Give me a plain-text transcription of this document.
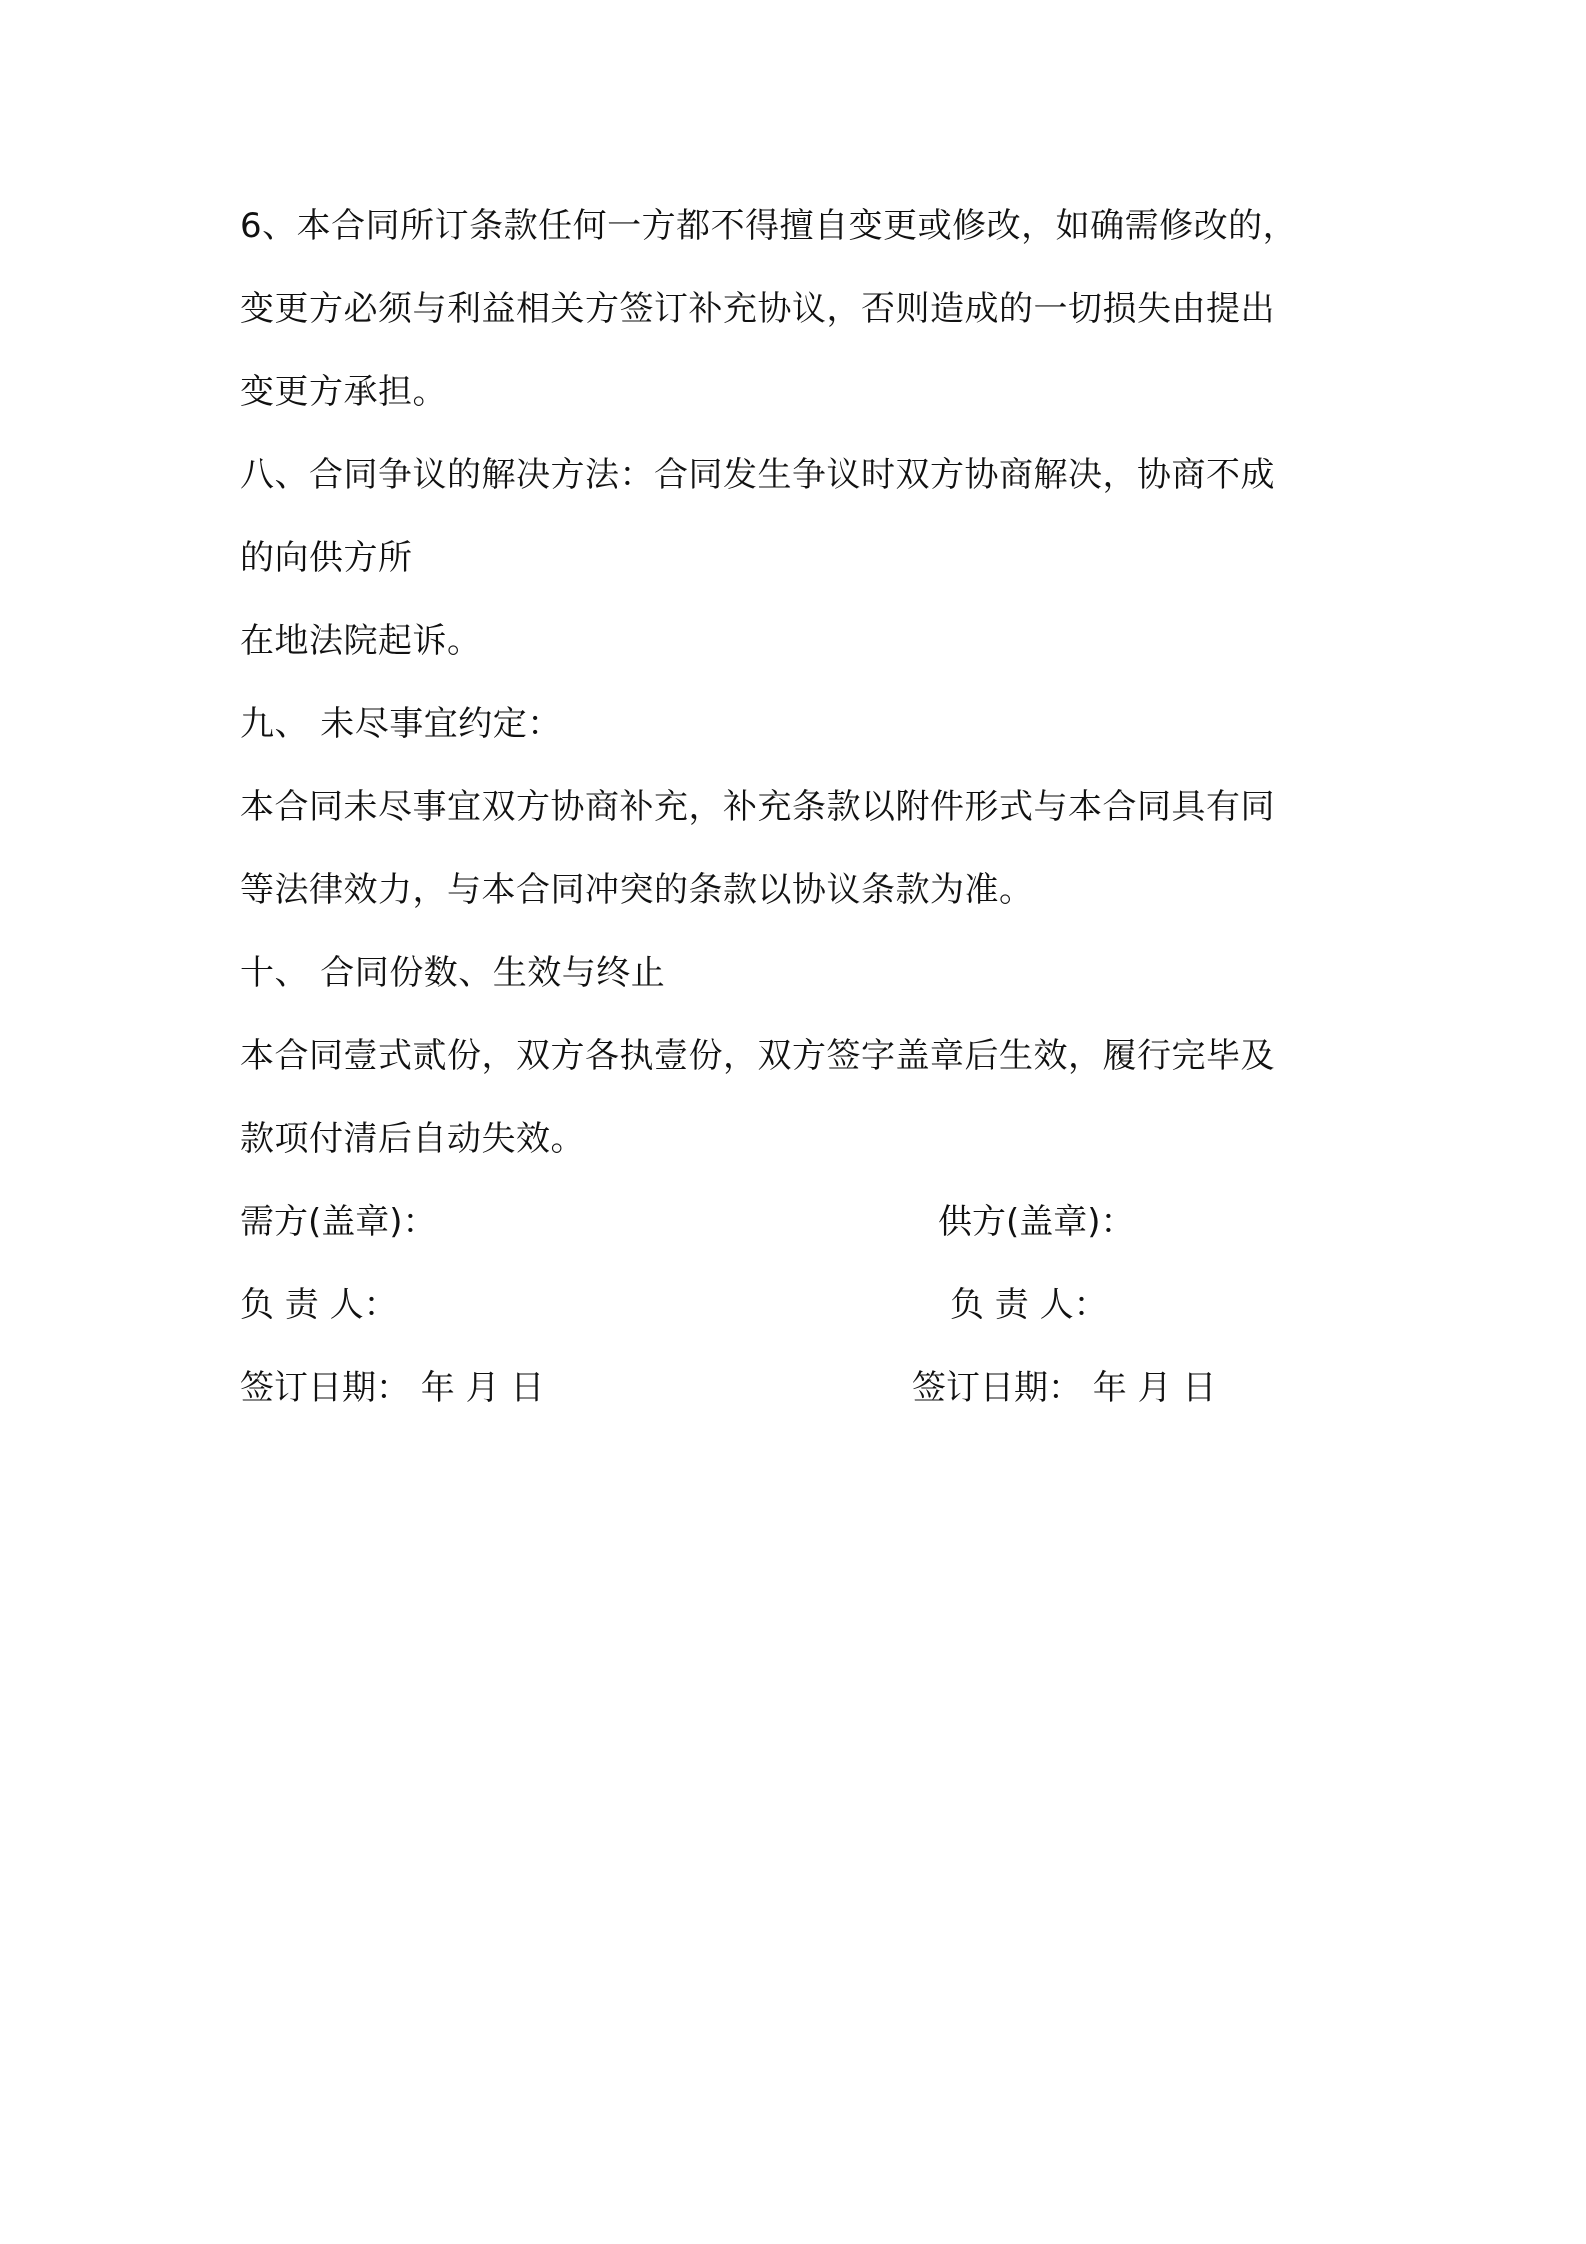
6、本合同所订条款任何一方都不得擅自变更或修改，如确需修改的，
变更方必须与利益相关方签订补充协议，否则造成的一切损失由提出
变更方承担。
八、合同争议的解决方法：合同发生争议时双方协商解决，协商不成
的向供方所
在地法院起诉。
九、 未尽事宜约定：
本合同未尽事宜双方协商补充，补充条款以附件形式与本合同具有同
等法律效力，与本合同冲突的条款以协议条款为准。
十、 合同份数、生效与终止
本合同壹式贰份，双方各执壹份，双方签字盖章后生效，履行完毕及
款项付清后自动失效。
需方(盖章)：	供方(盖章)：
负 责 人：	负 责 人：
签订日期： 年 月 日	签订日期： 年 月 日
